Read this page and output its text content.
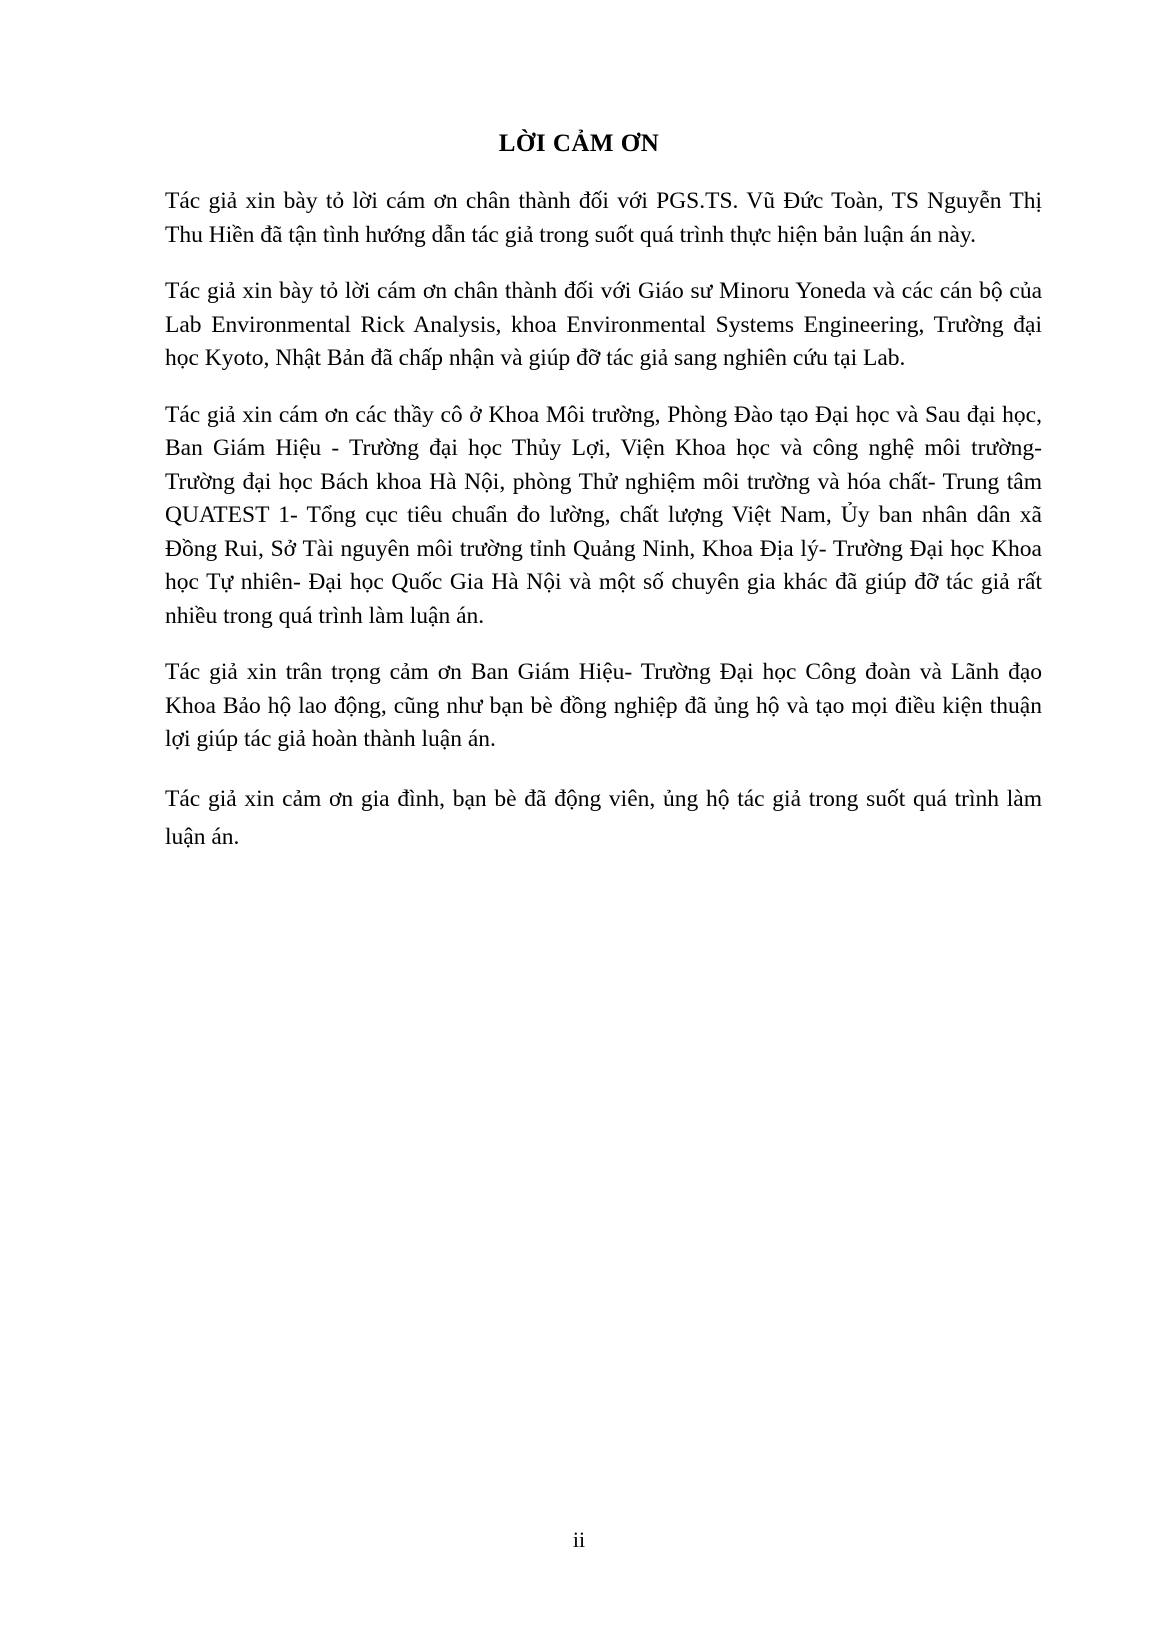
LỜI CẢM ƠN

Tác giả xin bày tỏ lời cám ơn chân thành đối với PGS.TS. Vũ Đức Toàn, TS Nguyễn Thị Thu Hiền đã tận tình hướng dẫn tác giả trong suốt quá trình thực hiện bản luận án này.

Tác giả xin bày tỏ lời cám ơn chân thành đối với Giáo sư Minoru Yoneda và các cán bộ của Lab Environmental Rick Analysis, khoa Environmental Systems Engineering, Trường đại học Kyoto, Nhật Bản đã chấp nhận và giúp đỡ tác giả sang nghiên cứu tại Lab.

Tác giả xin cám ơn các thầy cô ở Khoa Môi trường, Phòng Đào tạo Đại học và Sau đại học, Ban Giám Hiệu - Trường đại học Thủy Lợi, Viện Khoa học và công nghệ môi trường- Trường đại học Bách khoa Hà Nội, phòng Thử nghiệm môi trường và hóa chất- Trung tâm QUATEST 1- Tổng cục tiêu chuẩn đo lường, chất lượng Việt Nam, Ủy ban nhân dân xã Đồng Rui, Sở Tài nguyên môi trường tỉnh Quảng Ninh, Khoa Địa lý- Trường Đại học Khoa học Tự nhiên- Đại học Quốc Gia Hà Nội và một số chuyên gia khác đã giúp đỡ tác giả rất nhiều trong quá trình làm luận án.

Tác giả xin trân trọng cảm ơn Ban Giám Hiệu- Trường Đại học Công đoàn và Lãnh đạo Khoa Bảo hộ lao động, cũng như bạn bè đồng nghiệp đã ủng hộ và tạo mọi điều kiện thuận lợi giúp tác giả hoàn thành luận án.

Tác giả xin cảm ơn gia đình, bạn bè đã động viên, ủng hộ tác giả trong suốt quá trình làm luận án.

ii
